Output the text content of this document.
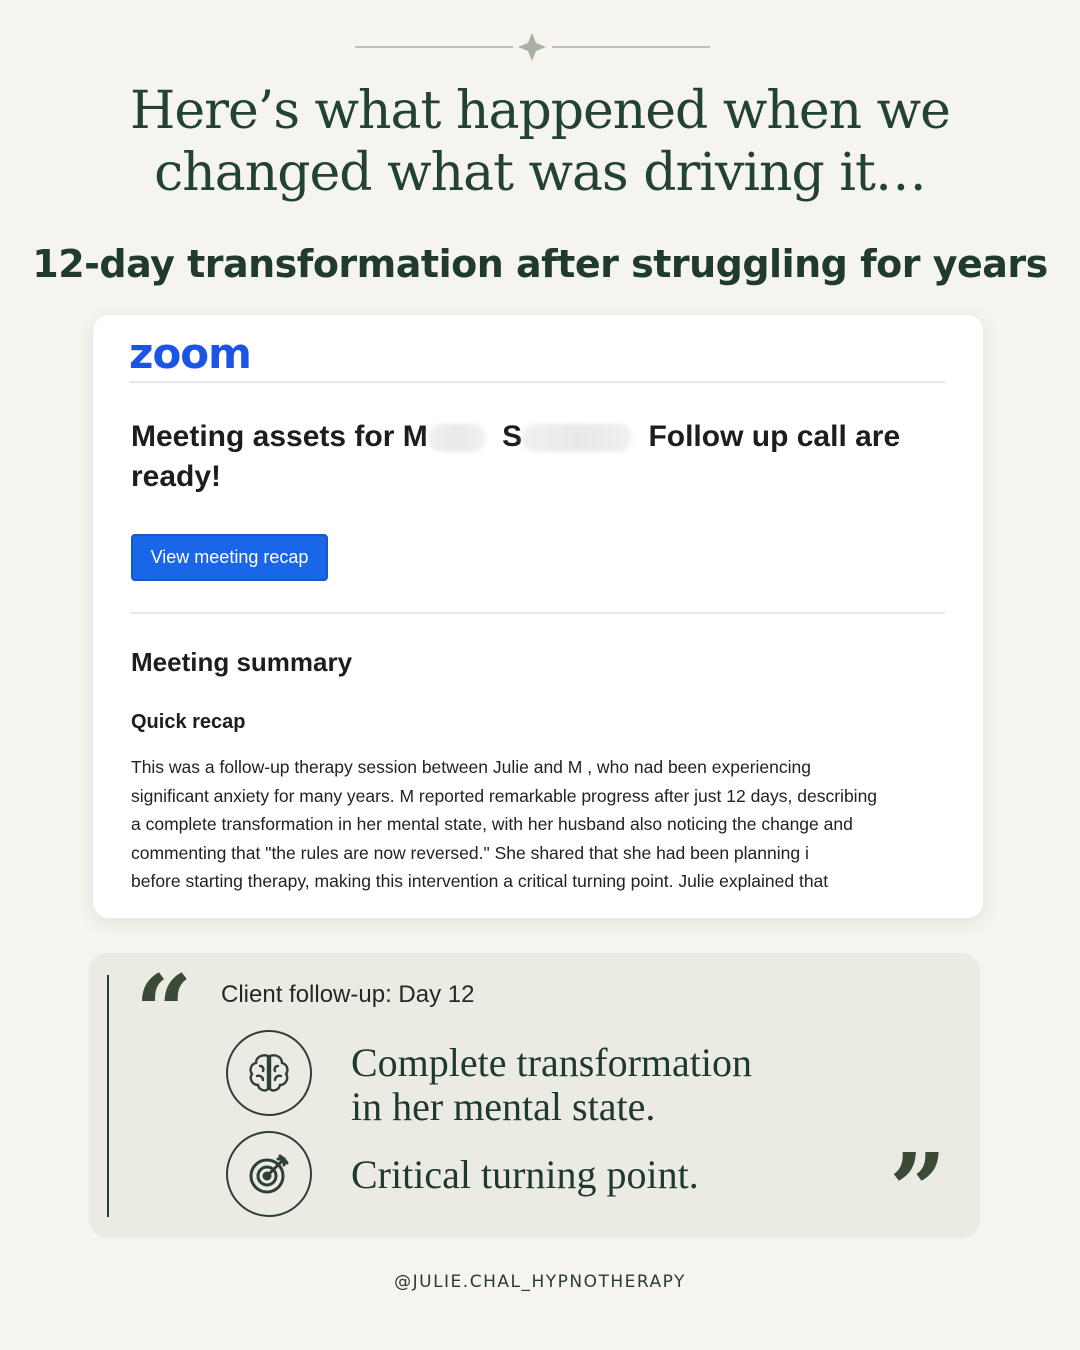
Here’s what happened when we
changed what was driving it…
12-day transformation after struggling for years
zoom
Meeting assets for M S	Follow up call are
ready!
View meeting recap
Meeting summary
Quick recap
This was a follow-up therapy session between Julie and M , who nad been experiencing
significant anxiety for many years. M reported remarkable progress after just 12 days, describing
a complete transformation in her mental state, with her husband also noticing the change and
commenting that "the rules are now reversed." She shared that she had been planning i
before starting therapy, making this intervention a critical turning point. Julie explained that
“ Client follow-up: Day 12
Complete transformation
in her mental state.
Critical turning point. ”
@JULIE.CHAL_HYPNOTHERAPY
